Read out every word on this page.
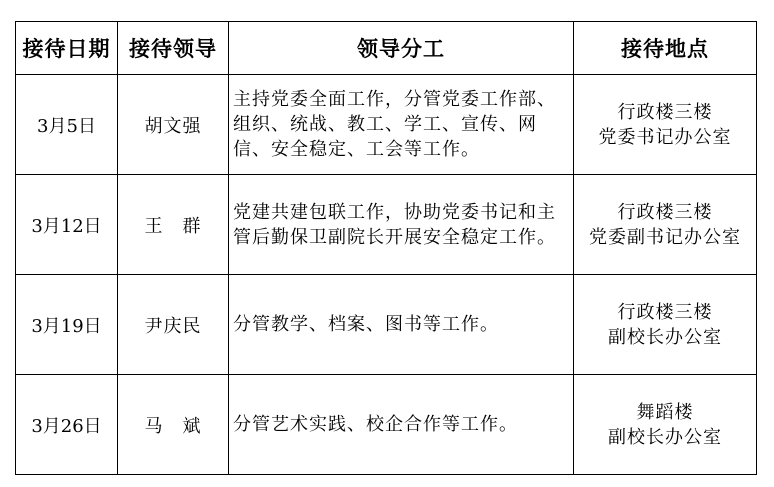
接待日期	接待领导	领导分工	接待地点
3月5日	胡文强	主持党委全面工作，分管党委工作部、组织、统战、教工、学工、宣传、网信、安全稳定、工会等工作。	行政楼三楼
党委书记办公室

3月12日	王　群	党建共建包联工作，协助党委书记和主管后勤保卫副院长开展安全稳定工作。	行政楼三楼
党委副书记办公室

3月19日	尹庆民	分管教学、档案、图书等工作。	行政楼三楼
副校长办公室

3月26日	马　斌	分管艺术实践、校企合作等工作。	舞蹈楼
副校长办公室
